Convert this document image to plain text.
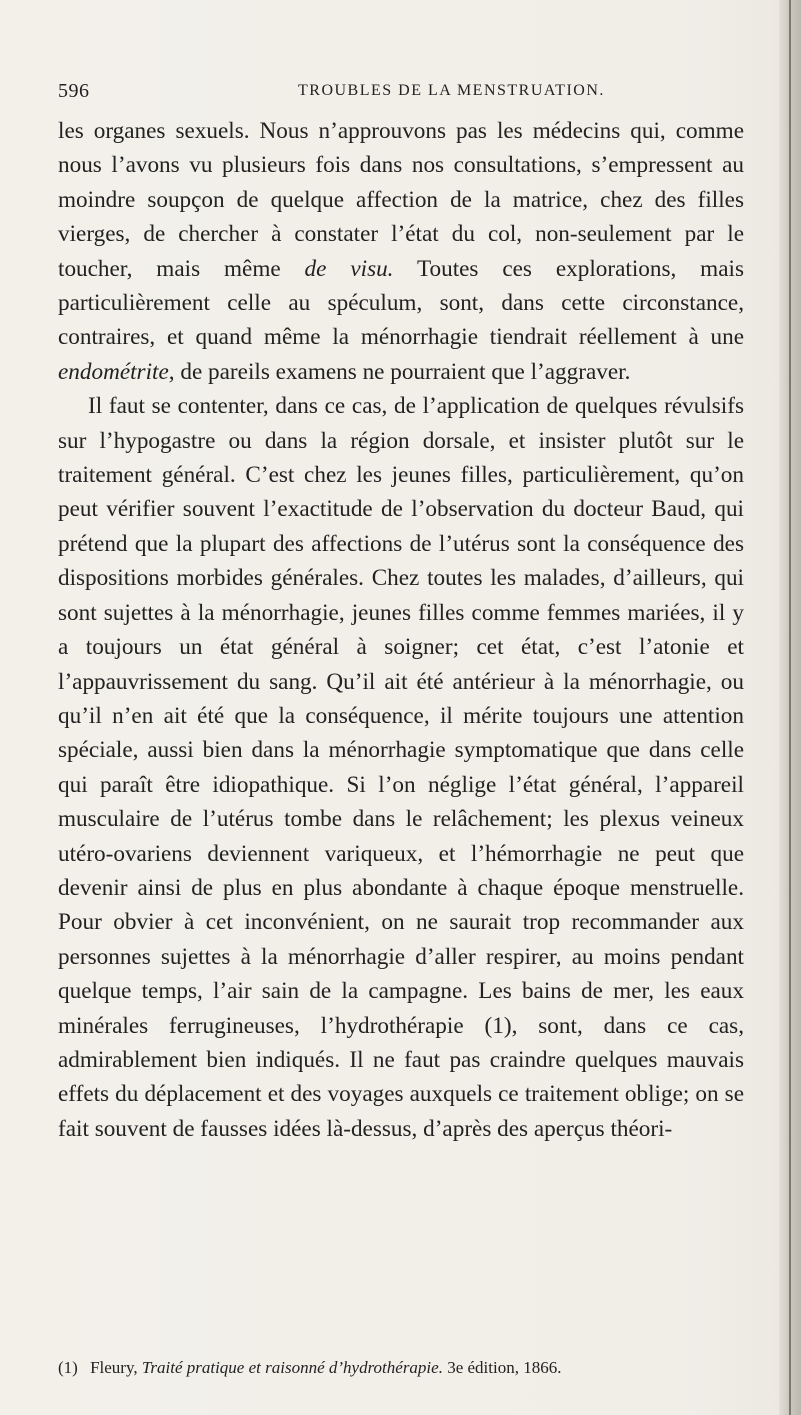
596	TROUBLES DE LA MENSTRUATION.

les organes sexuels. Nous n’approuvons pas les médecins qui, comme nous l’avons vu plusieurs fois dans nos consultations, s’empressent au moindre soupçon de quelque affection de la matrice, chez des filles vierges, de chercher à constater l’état du col, non-seulement par le toucher, mais même de visu. Toutes ces explorations, mais particulièrement celle au spéculum, sont, dans cette circonstance, contraires, et quand même la ménorrhagie tiendrait réellement à une endométrite, de pareils examens ne pourraient que l’aggraver.

Il faut se contenter, dans ce cas, de l’application de quelques révulsifs sur l’hypogastre ou dans la région dorsale, et insister plutôt sur le traitement général. C’est chez les jeunes filles, particulièrement, qu’on peut vérifier souvent l’exactitude de l’observation du docteur Baud, qui prétend que la plupart des affections de l’utérus sont la conséquence des dispositions morbides générales. Chez toutes les malades, d’ailleurs, qui sont sujettes à la ménorrhagie, jeunes filles comme femmes mariées, il y a toujours un état général à soigner; cet état, c’est l’atonie et l’appauvrissement du sang. Qu’il ait été antérieur à la ménorrhagie, ou qu’il n’en ait été que la conséquence, il mérite toujours une attention spéciale, aussi bien dans la ménorrhagie symptomatique que dans celle qui paraît être idiopathique. Si l’on néglige l’état général, l’appareil musculaire de l’utérus tombe dans le relâchement; les plexus veineux utéro-ovariens deviennent variqueux, et l’hémorrhagie ne peut que devenir ainsi de plus en plus abondante à chaque époque menstruelle. Pour obvier à cet inconvénient, on ne saurait trop recommander aux personnes sujettes à la ménorrhagie d’aller respirer, au moins pendant quelque temps, l’air sain de la campagne. Les bains de mer, les eaux minérales ferrugineuses, l’hydrothérapie (1), sont, dans ce cas, admirablement bien indiqués. Il ne faut pas craindre quelques mauvais effets du déplacement et des voyages auxquels ce traitement oblige; on se fait souvent de fausses idées là-dessus, d’après des aperçus théori-

(1) Fleury, Traité pratique et raisonné d’hydrothérapie. 3e édition, 1866.
